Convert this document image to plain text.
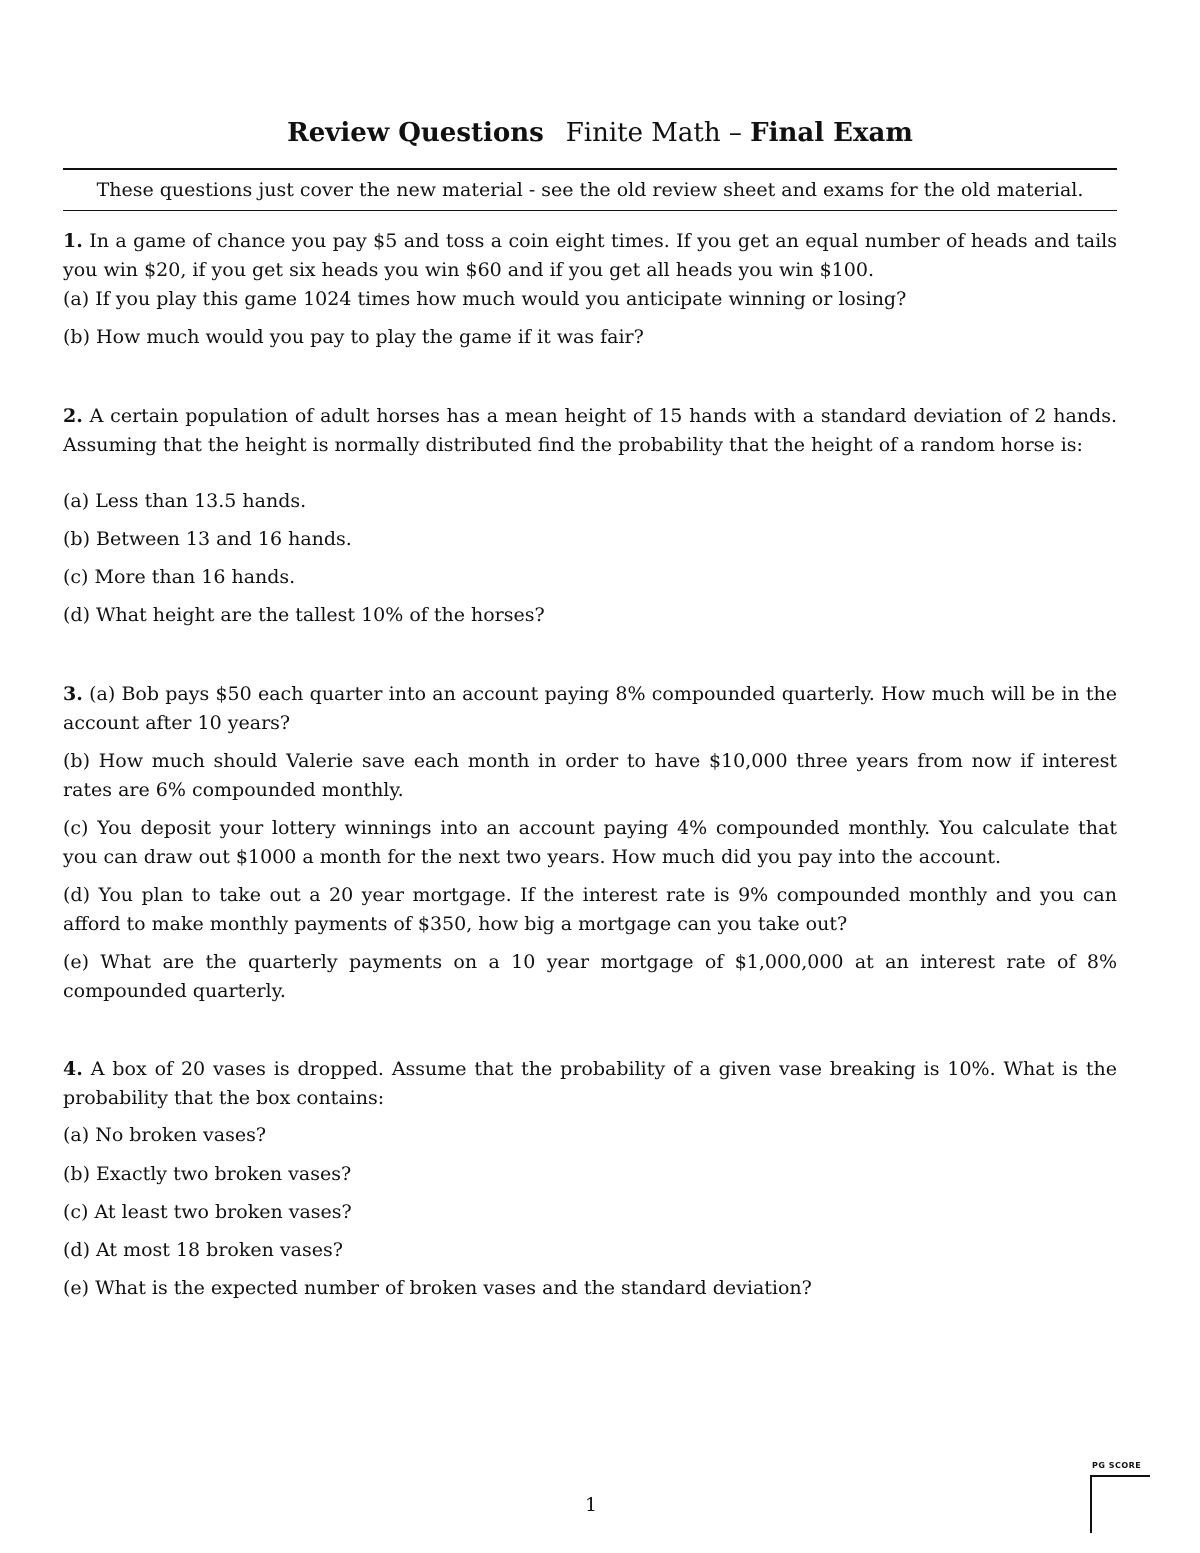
Review Questions Finite Math – Final Exam
These questions just cover the new material - see the old review sheet and exams for the old material.
1. In a game of chance you pay $5 and toss a coin eight times. If you get an equal number of heads and tails you win $20, if you get six heads you win $60 and if you get all heads you win $100.
(a) If you play this game 1024 times how much would you anticipate winning or losing?
(b) How much would you pay to play the game if it was fair?
2. A certain population of adult horses has a mean height of 15 hands with a standard deviation of 2 hands. Assuming that the height is normally distributed find the probability that the height of a random horse is:
(a) Less than 13.5 hands.
(b) Between 13 and 16 hands.
(c) More than 16 hands.
(d) What height are the tallest 10% of the horses?
3. (a) Bob pays $50 each quarter into an account paying 8% compounded quarterly. How much will be in the account after 10 years?
(b) How much should Valerie save each month in order to have $10,000 three years from now if interest rates are 6% compounded monthly.
(c) You deposit your lottery winnings into an account paying 4% compounded monthly. You calculate that you can draw out $1000 a month for the next two years. How much did you pay into the account.
(d) You plan to take out a 20 year mortgage. If the interest rate is 9% compounded monthly and you can afford to make monthly payments of $350, how big a mortgage can you take out?
(e) What are the quarterly payments on a 10 year mortgage of $1,000,000 at an interest rate of 8% compounded quarterly.
4. A box of 20 vases is dropped. Assume that the probability of a given vase breaking is 10%. What is the probability that the box contains:
(a) No broken vases?
(b) Exactly two broken vases?
(c) At least two broken vases?
(d) At most 18 broken vases?
(e) What is the expected number of broken vases and the standard deviation?
1
PG SCORE
